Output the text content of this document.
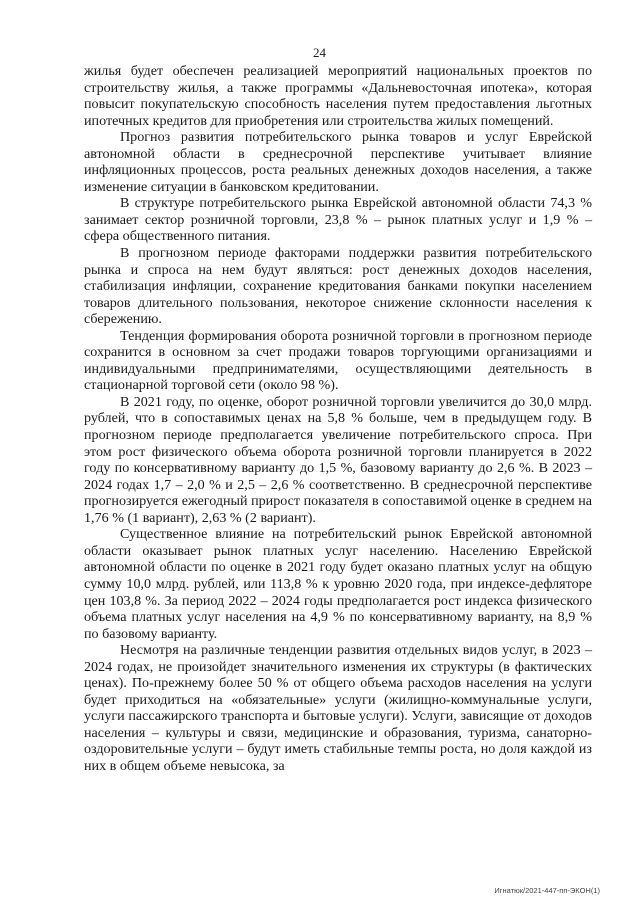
24

жилья будет обеспечен реализацией мероприятий национальных проектов по строительству жилья, а также программы «Дальневосточная ипотека», которая повысит покупательскую способность населения путем предоставления льготных ипотечных кредитов для приобретения или строительства жилых помещений.

Прогноз развития потребительского рынка товаров и услуг Еврейской автономной области в среднесрочной перспективе учитывает влияние инфляционных процессов, роста реальных денежных доходов населения, а также изменение ситуации в банковском кредитовании.

В структуре потребительского рынка Еврейской автономной области 74,3 % занимает сектор розничной торговли, 23,8 % – рынок платных услуг и 1,9 % – сфера общественного питания.

В прогнозном периоде факторами поддержки развития потребительского рынка и спроса на нем будут являться: рост денежных доходов населения, стабилизация инфляции, сохранение кредитования банками покупки населением товаров длительного пользования, некоторое снижение склонности населения к сбережению.

Тенденция формирования оборота розничной торговли в прогнозном периоде сохранится в основном за счет продажи товаров торгующими организациями и индивидуальными предпринимателями, осуществляющими деятельность в стационарной торговой сети (около 98 %).

В 2021 году, по оценке, оборот розничной торговли увеличится до 30,0 млрд. рублей, что в сопоставимых ценах на 5,8 % больше, чем в предыдущем году. В прогнозном периоде предполагается увеличение потребительского спроса. При этом рост физического объема оборота розничной торговли планируется в 2022 году по консервативному варианту до 1,5 %, базовому варианту до 2,6 %. В 2023 – 2024 годах 1,7 – 2,0 % и 2,5 – 2,6 % соответственно. В среднесрочной перспективе прогнозируется ежегодный прирост показателя в сопоставимой оценке в среднем на 1,76 % (1 вариант), 2,63 % (2 вариант).

Существенное влияние на потребительский рынок Еврейской автономной области оказывает рынок платных услуг населению. Населению Еврейской автономной области по оценке в 2021 году будет оказано платных услуг на общую сумму 10,0 млрд. рублей, или 113,8 % к уровню 2020 года, при индексе-дефляторе цен 103,8 %. За период 2022 – 2024 годы предполагается рост индекса физического объема платных услуг населения на 4,9 % по консервативному варианту, на 8,9 % по базовому варианту.

Несмотря на различные тенденции развития отдельных видов услуг, в 2023 – 2024 годах, не произойдет значительного изменения их структуры (в фактических ценах). По-прежнему более 50 % от общего объема расходов населения на услуги будет приходиться на «обязательные» услуги (жилищно-коммунальные услуги, услуги пассажирского транспорта и бытовые услуги). Услуги, зависящие от доходов населения – культуры и связи, медицинские и образования, туризма, санаторно-оздоровительные услуги – будут иметь стабильные темпы роста, но доля каждой из них в общем объеме невысока, за

Игнатюк/2021-447-пп-ЭКОН(1)
